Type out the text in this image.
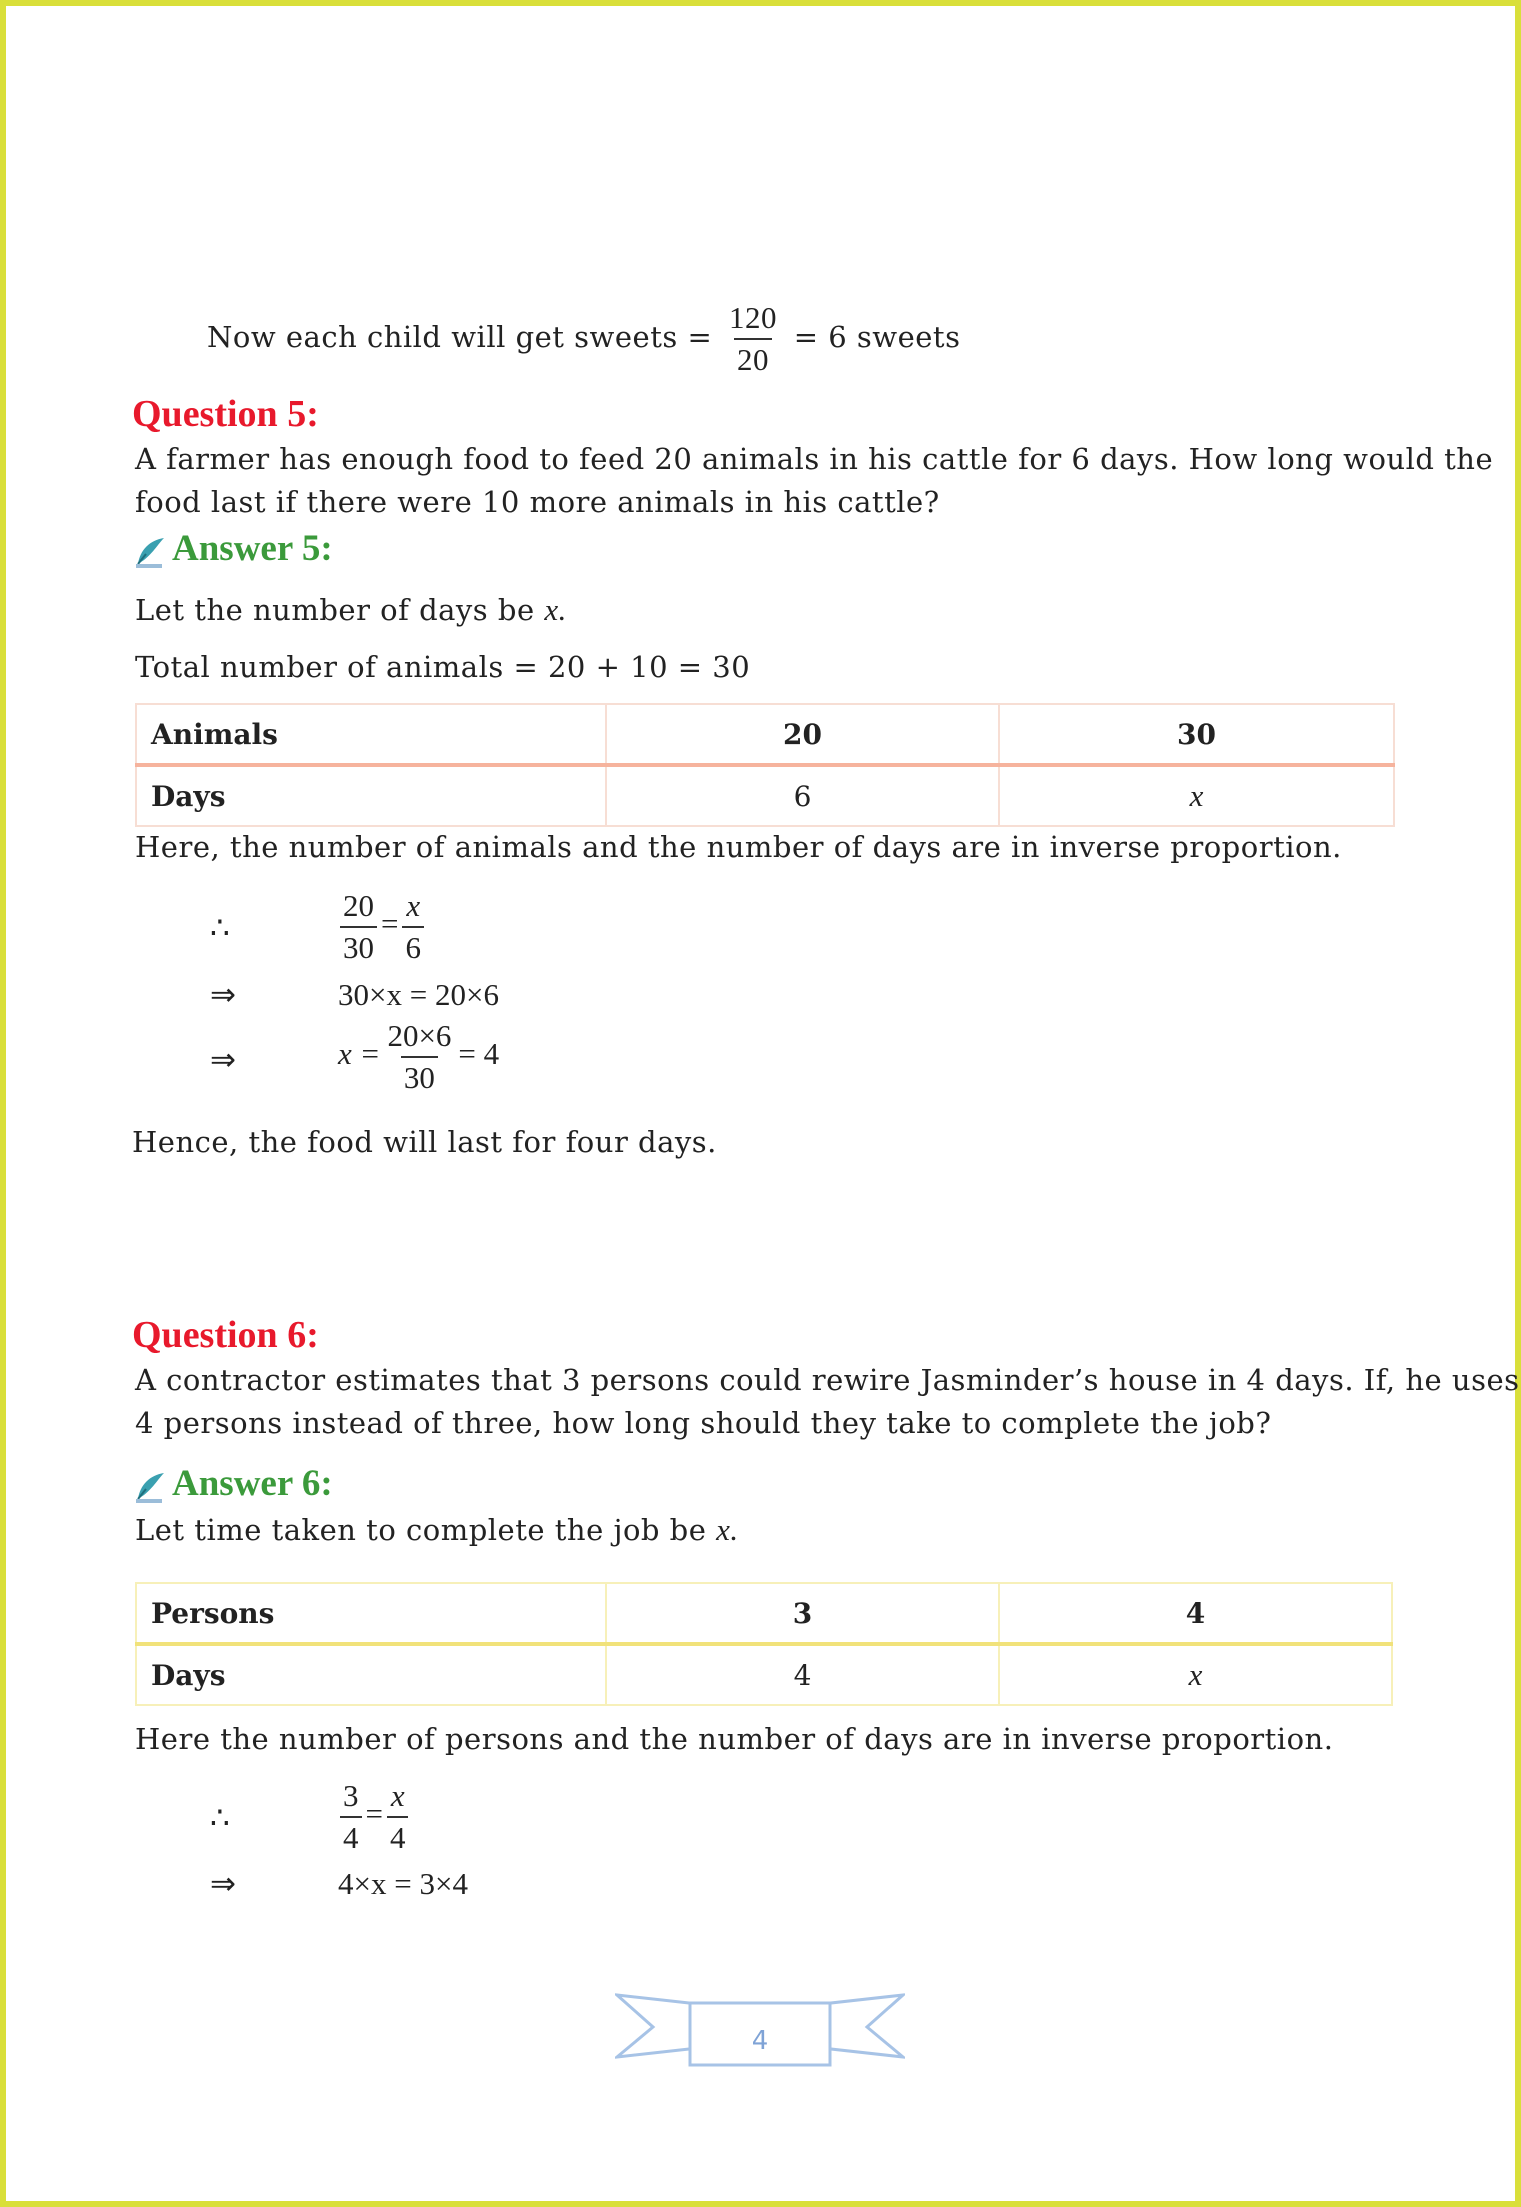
Now each child will get sweets = $\frac{120}{20} = 6$ sweets
Question 5:
A farmer has enough food to feed 20 animals in his cattle for 6 days. How long would the
food last if there were 10 more animals in his cattle?
Answer 5:
Let the number of days be x.
Total number of animals = 20 + 10 = 30
Animals	20	30
Days	6	x
Here, the number of animals and the number of days are in inverse proportion.
∴	$\frac{20}{30} = \frac{x}{6}$
⇒	30×x = 20×6
⇒	$x = \frac{20\times 6}{30} = 4$
Hence, the food will last for four days.
Question 6:
A contractor estimates that 3 persons could rewire Jasminder’s house in 4 days. If, he uses
4 persons instead of three, how long should they take to complete the job?
Answer 6:
Let time taken to complete the job be x.
Persons	3	4
Days	4	x
Here the number of persons and the number of days are in inverse proportion.
∴	$\frac{3}{4} = \frac{x}{4}$
⇒	4×x = 3×4
4
